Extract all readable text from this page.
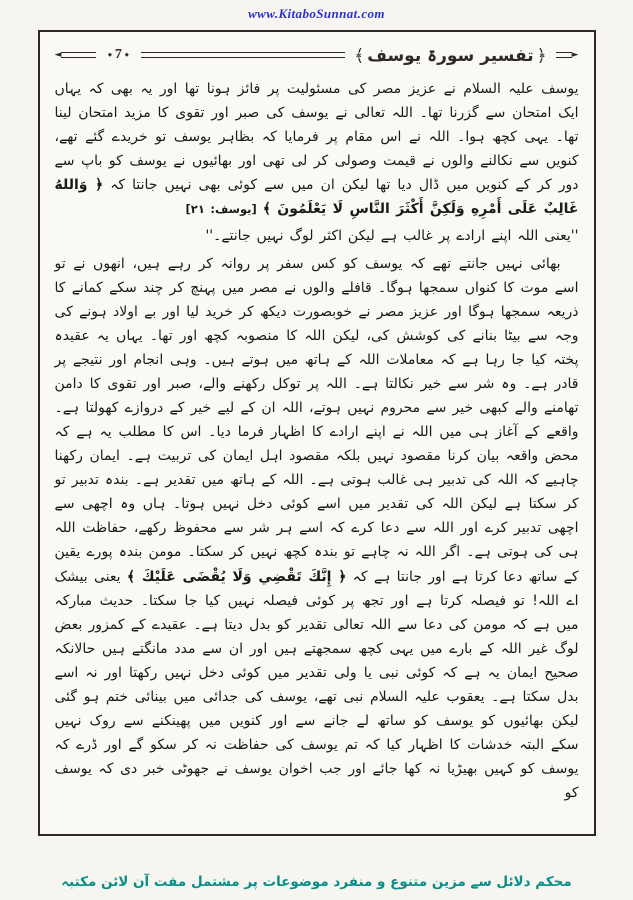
www.KitaboSunnat.com
◄	◆ 7 ◆	﴿ تفسیر سورۃ یوسف ﴾	►

یوسف علیہ السلام نے عزیز مصر کی مسئولیت پر فائز ہونا تھا اور یہ بھی کہ یہاں ایک امتحان سے گزرنا تھا۔ اللہ تعالی نے یوسف کی صبر اور تقوی کا مزید امتحان لینا تھا۔ یہی کچھ ہوا۔ اللہ نے اس مقام پر فرمایا کہ بظاہر یوسف تو خریدے گئے تھے، کنویں سے نکالنے والوں نے قیمت وصولی کر لی تھی اور بھائیوں نے یوسف کو باپ سے دور کر کے کنویں میں ڈال دیا تھا لیکن ان میں سے کوئی بھی نہیں جانتا کہ ﴿ وَاللهُ غَالِبٌ عَلَى أَمْرِهِ وَلَكِنَّ أَكْثَرَ النَّاسِ لَا يَعْلَمُونَ ﴾ [یوسف: ۲۱]

''یعنی اللہ اپنے ارادے پر غالب ہے لیکن اکثر لوگ نہیں جانتے۔''

بھائی نہیں جانتے تھے کہ یوسف کو کس سفر پر روانہ کر رہے ہیں، انھوں نے تو اسے موت کا کنواں سمجھا ہوگا۔ قافلے والوں نے مصر میں پہنچ کر چند سکے کمانے کا ذریعہ سمجھا ہوگا اور عزیز مصر نے خوبصورت دیکھ کر خرید لیا اور بے اولاد ہونے کی وجہ سے بیٹا بنانے کی کوشش کی، لیکن اللہ کا منصوبہ کچھ اور تھا۔ یہاں یہ عقیدہ پختہ کیا جا رہا ہے کہ معاملات اللہ کے ہاتھ میں ہوتے ہیں۔ وہی انجام اور نتیجے پر قادر ہے۔ وہ شر سے خیر نکالتا ہے۔ اللہ پر توکل رکھنے والے، صبر اور تقوی کا دامن تھامنے والے کبھی خیر سے محروم نہیں ہوتے، اللہ ان کے لیے خیر کے دروازے کھولتا ہے۔ واقعے کے آغاز ہی میں اللہ نے اپنے ارادے کا اظہار فرما دیا۔ اس کا مطلب یہ ہے کہ محض واقعہ بیان کرنا مقصود نہیں بلکہ مقصود اہل ایمان کی تربیت ہے۔ ایمان رکھنا چاہیے کہ اللہ کی تدبیر ہی غالب ہوتی ہے۔ اللہ کے ہاتھ میں تقدیر ہے۔ بندہ تدبیر تو کر سکتا ہے لیکن اللہ کی تقدیر میں اسے کوئی دخل نہیں ہوتا۔ ہاں وہ اچھی سے اچھی تدبیر کرے اور اللہ سے دعا کرے کہ اسے ہر شر سے محفوظ رکھے، حفاظت اللہ ہی کی ہوتی ہے۔ اگر اللہ نہ چاہے تو بندہ کچھ نہیں کر سکتا۔ مومن بندہ پورے یقین کے ساتھ دعا کرتا ہے اور جانتا ہے کہ ﴿ إِنَّكَ تَقْضِي وَلَا يُقْضَى عَلَيْكَ ﴾ یعنی بیشک اے اللہ! تو فیصلہ کرتا ہے اور تجھ پر کوئی فیصلہ نہیں کیا جا سکتا۔ حدیث مبارکہ میں ہے کہ مومن کی دعا سے اللہ تعالی تقدیر کو بدل دیتا ہے۔ عقیدے کے کمزور بعض لوگ غیر اللہ کے بارے میں یہی کچھ سمجھتے ہیں اور ان سے مدد مانگتے ہیں حالانکہ صحیح ایمان یہ ہے کہ کوئی نبی یا ولی تقدیر میں کوئی دخل نہیں رکھتا اور نہ اسے بدل سکتا ہے۔ یعقوب علیہ السلام نبی تھے، یوسف کی جدائی میں بینائی ختم ہو گئی لیکن بھائیوں کو یوسف کو ساتھ لے جانے سے اور کنویں میں پھینکنے سے روک نہیں سکے البتہ خدشات کا اظہار کیا کہ تم یوسف کی حفاظت نہ کر سکو گے اور ڈرے کہ یوسف کو کہیں بھیڑیا نہ کھا جائے اور جب اخوان یوسف نے جھوٹی خبر دی کہ یوسف کو

محکم دلائل سے مزین متنوع و منفرد موضوعات پر مشتمل مفت آن لائن مکتبہ
